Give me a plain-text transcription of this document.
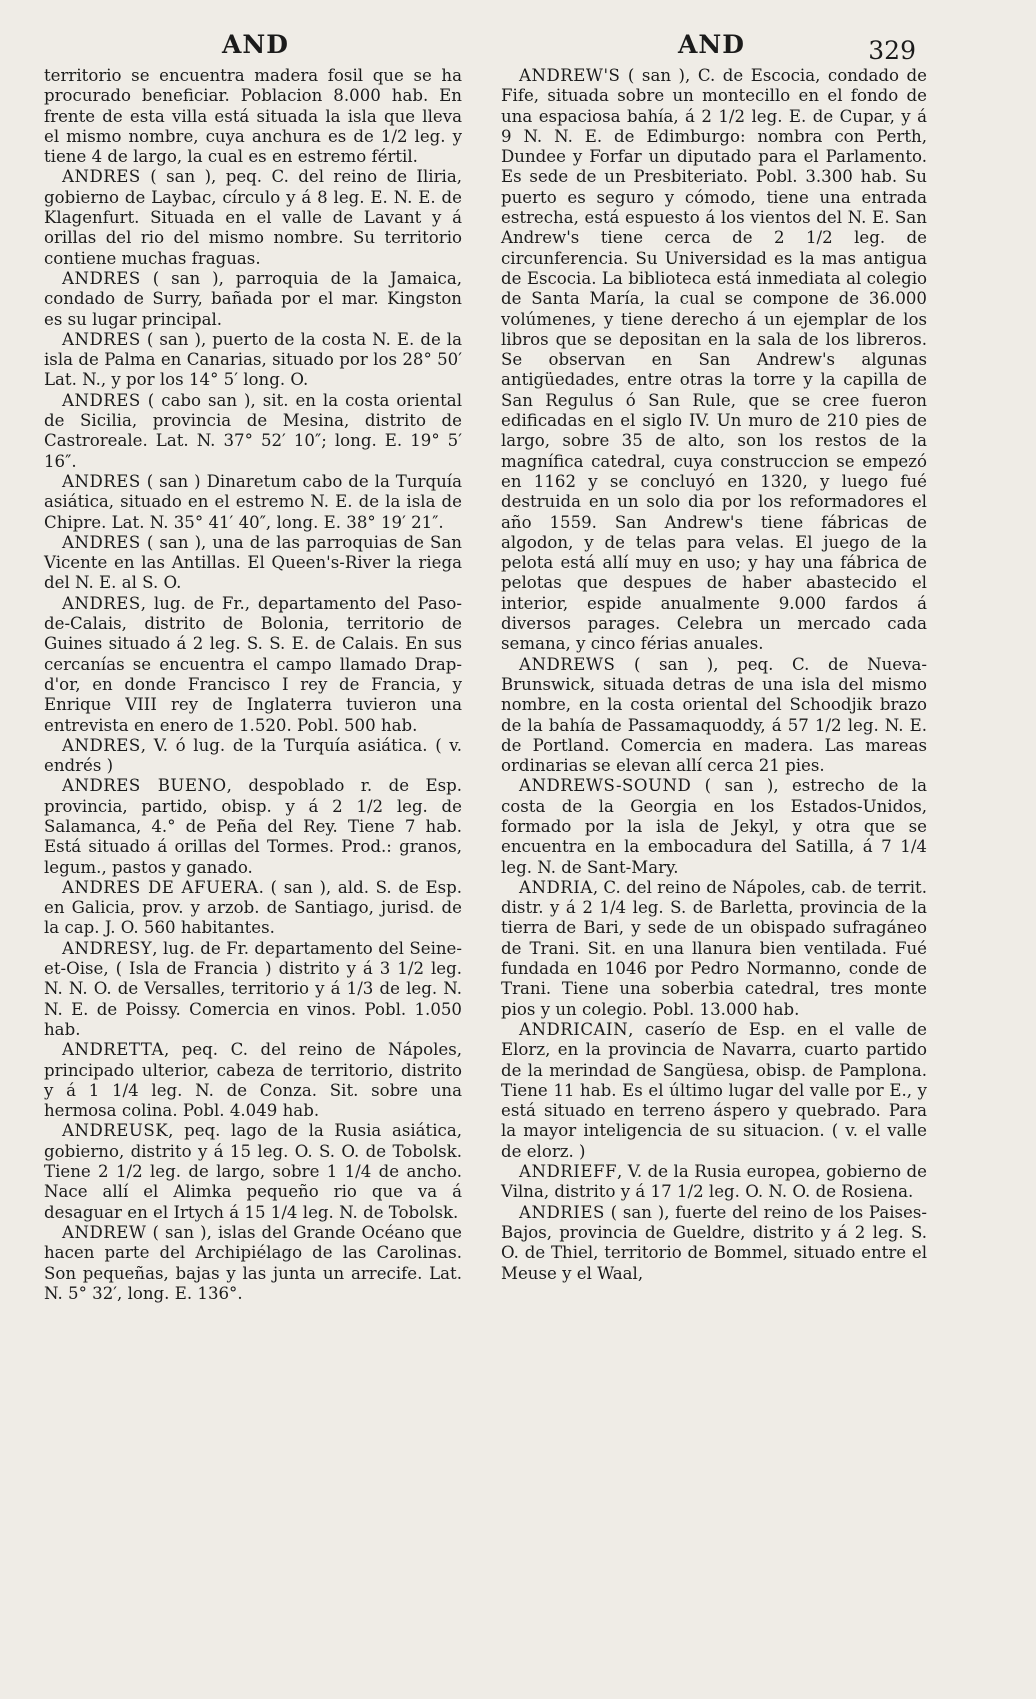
AND	AND	329

territorio se encuentra madera fosil que se ha procurado beneficiar. Poblacion 8.000 hab. En frente de esta villa está situada la isla que lleva el mismo nombre, cuya anchura es de 1/2 leg. y tiene 4 de largo, la cual es en estremo fértil.

ANDRES ( san ), peq. C. del reino de Iliria, gobierno de Laybac, círculo y á 8 leg. E. N. E. de Klagenfurt. Situada en el valle de Lavant y á orillas del rio del mismo nombre. Su territorio contiene muchas fraguas.

ANDRES ( san ), parroquia de la Jamaica, condado de Surry, bañada por el mar. Kingston es su lugar principal.

ANDRES ( san ), puerto de la costa N. E. de la isla de Palma en Canarias, situado por los 28° 50′ Lat. N., y por los 14° 5′ long. O.

ANDRES ( cabo san ), sit. en la costa oriental de Sicilia, provincia de Mesina, distrito de Castroreale. Lat. N. 37° 52′ 10″; long. E. 19° 5′ 16″.

ANDRES ( san ) Dinaretum cabo de la Turquía asiática, situado en el estremo N. E. de la isla de Chipre. Lat. N. 35° 41′ 40″, long. E. 38° 19′ 21″.

ANDRES ( san ), una de las parroquias de San Vicente en las Antillas. El Queen's-River la riega del N. E. al S. O.

ANDRES, lug. de Fr., departamento del Paso-de-Calais, distrito de Bolonia, territorio de Guines situado á 2 leg. S. S. E. de Calais. En sus cercanías se encuentra el campo llamado Drap-d'or, en donde Francisco I rey de Francia, y Enrique VIII rey de Inglaterra tuvieron una entrevista en enero de 1.520. Pobl. 500 hab.

ANDRES, V. ó lug. de la Turquía asiática. ( v. endrés )

ANDRES BUENO, despoblado r. de Esp. provincia, partido, obisp. y á 2 1/2 leg. de Salamanca, 4.° de Peña del Rey. Tiene 7 hab. Está situado á orillas del Tormes. Prod.: granos, legum., pastos y ganado.

ANDRES DE AFUERA. ( san ), ald. S. de Esp. en Galicia, prov. y arzob. de Santiago, jurisd. de la cap. J. O. 560 habitantes.

ANDRESY, lug. de Fr. departamento del Seine-et-Oise, ( Isla de Francia ) distrito y á 3 1/2 leg. N. N. O. de Versalles, territorio y á 1/3 de leg. N. N. E. de Poissy. Comercia en vinos. Pobl. 1.050 hab.

ANDRETTA, peq. C. del reino de Nápoles, principado ulterior, cabeza de territorio, distrito y á 1 1/4 leg. N. de Conza. Sit. sobre una hermosa colina. Pobl. 4.049 hab.

ANDREUSK, peq. lago de la Rusia asiática, gobierno, distrito y á 15 leg. O. S. O. de Tobolsk. Tiene 2 1/2 leg. de largo, sobre 1 1/4 de ancho. Nace allí el Alimka pequeño rio que va á desaguar en el Irtych á 15 1/4 leg. N. de Tobolsk.

ANDREW ( san ), islas del Grande Océano que hacen parte del Archipiélago de las Carolinas. Son pequeñas, bajas y las junta un arrecife. Lat. N. 5° 32′, long. E. 136°.

ANDREW'S ( san ), C. de Escocia, condado de Fife, situada sobre un montecillo en el fondo de una espaciosa bahía, á 2 1/2 leg. E. de Cupar, y á 9 N. N. E. de Edimburgo: nombra con Perth, Dundee y Forfar un diputado para el Parlamento. Es sede de un Presbiteriato. Pobl. 3.300 hab. Su puerto es seguro y cómodo, tiene una entrada estrecha, está espuesto á los vientos del N. E. San Andrew's tiene cerca de 2 1/2 leg. de circunferencia. Su Universidad es la mas antigua de Escocia. La biblioteca está inmediata al colegio de Santa María, la cual se compone de 36.000 volúmenes, y tiene derecho á un ejemplar de los libros que se depositan en la sala de los libreros. Se observan en San Andrew's algunas antigüedades, entre otras la torre y la capilla de San Regulus ó San Rule, que se cree fueron edificadas en el siglo IV. Un muro de 210 pies de largo, sobre 35 de alto, son los restos de la magnífica catedral, cuya construccion se empezó en 1162 y se concluyó en 1320, y luego fué destruida en un solo dia por los reformadores el año 1559. San Andrew's tiene fábricas de algodon, y de telas para velas. El juego de la pelota está allí muy en uso; y hay una fábrica de pelotas que despues de haber abastecido el interior, espide anualmente 9.000 fardos á diversos parages. Celebra un mercado cada semana, y cinco férias anuales.

ANDREWS ( san ), peq. C. de Nueva-Brunswick, situada detras de una isla del mismo nombre, en la costa oriental del Schoodjik brazo de la bahía de Passamaquoddy, á 57 1/2 leg. N. E. de Portland. Comercia en madera. Las mareas ordinarias se elevan allí cerca 21 pies.

ANDREWS-SOUND ( san ), estrecho de la costa de la Georgia en los Estados-Unidos, formado por la isla de Jekyl, y otra que se encuentra en la embocadura del Satilla, á 7 1/4 leg. N. de Sant-Mary.

ANDRIA, C. del reino de Nápoles, cab. de territ. distr. y á 2 1/4 leg. S. de Barletta, provincia de la tierra de Bari, y sede de un obispado sufragáneo de Trani. Sit. en una llanura bien ventilada. Fué fundada en 1046 por Pedro Normanno, conde de Trani. Tiene una soberbia catedral, tres monte pios y un colegio. Pobl. 13.000 hab.

ANDRICAIN, caserío de Esp. en el valle de Elorz, en la provincia de Navarra, cuarto partido de la merindad de Sangüesa, obisp. de Pamplona. Tiene 11 hab. Es el último lugar del valle por E., y está situado en terreno áspero y quebrado. Para la mayor inteligencia de su situacion. ( v. el valle de elorz. )

ANDRIEFF, V. de la Rusia europea, gobierno de Vilna, distrito y á 17 1/2 leg. O. N. O. de Rosiena.

ANDRIES ( san ), fuerte del reino de los Paises-Bajos, provincia de Gueldre, distrito y á 2 leg. S. O. de Thiel, territorio de Bommel, situado entre el Meuse y el Waal,
